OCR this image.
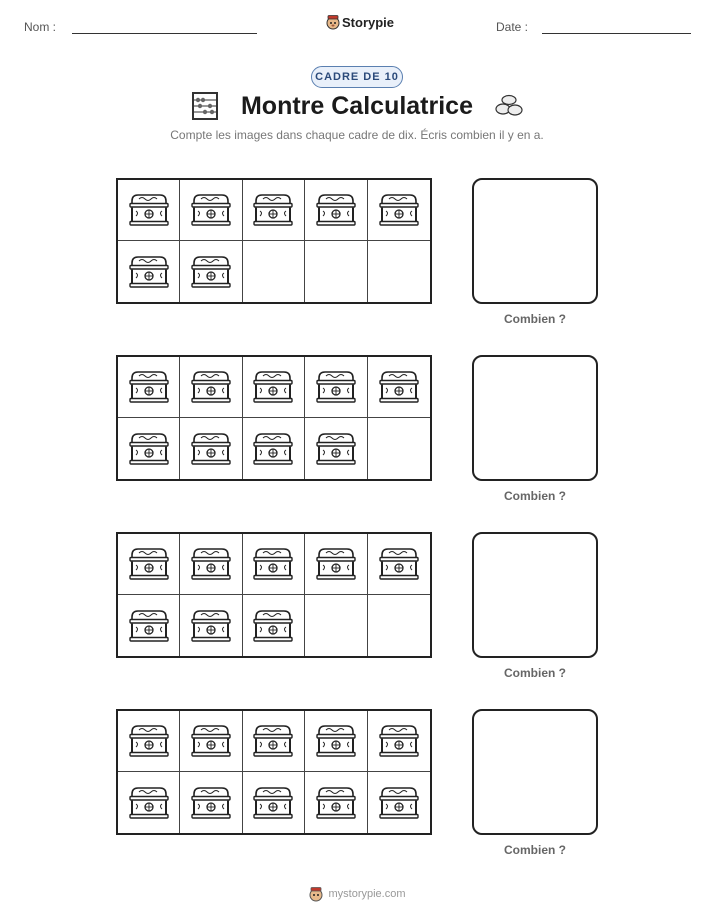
Nom :	Storypie	Date :
CADRE DE 10
Montre Calculatrice
Compte les images dans chaque cadre de dix. Écris combien il y en a.
Combien ?
Combien ?
Combien ?
Combien ?
mystorypie.com
